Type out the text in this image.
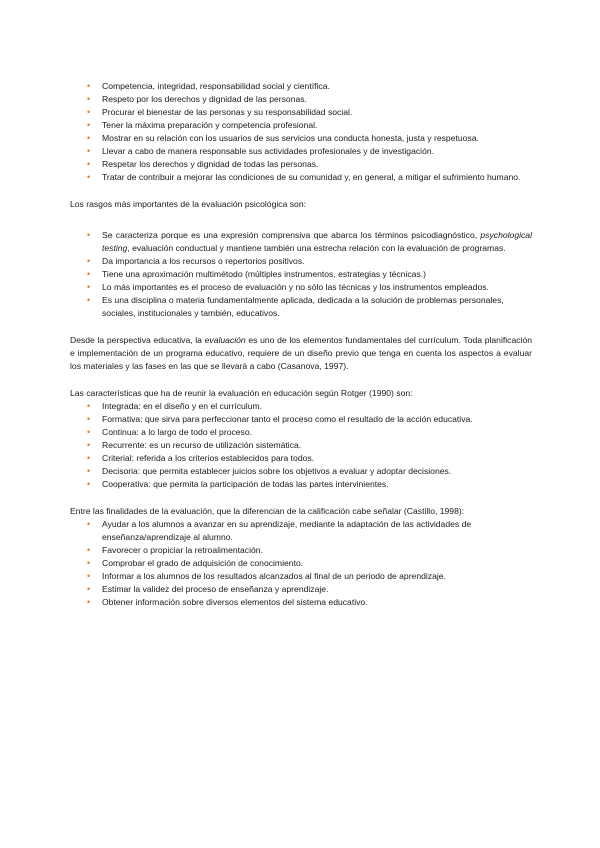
• Competencia, integridad, responsabilidad social y científica.
• Respeto por los derechos y dignidad de las personas.
• Procurar el bienestar de las personas y su responsabilidad social.
• Tener la máxima preparación y competencia profesional.
• Mostrar en su relación con los usuarios de sus servicios una conducta honesta, justa y respetuosa.
• Llevar a cabo de manera responsable sus actividades profesionales y de investigación.
• Respetar los derechos y dignidad de todas las personas.
• Tratar de contribuir a mejorar las condiciones de su comunidad y, en general, a mitigar el sufrimiento humano.

Los rasgos más importantes de la evaluación psicológica son:

• Se caracteriza porque es una expresión comprensiva que abarca los términos psicodiagnóstico, psychological testing, evaluación conductual y mantiene también una estrecha relación con la evaluación de programas.
• Da importancia a los recursos o repertorios positivos.
• Tiene una aproximación multimétodo (múltiples instrumentos, estrategias y técnicas.)
• Lo más importantes es el proceso de evaluación y no sólo las técnicas y los instrumentos empleados.
• Es una disciplina o materia fundamentalmente aplicada, dedicada a la solución de problemas personales, sociales, institucionales y también, educativos.

Desde la perspectiva educativa, la evaluación es uno de los elementos fundamentales del currículum. Toda planificación e implementación de un programa educativo, requiere de un diseño previo que tenga en cuenta los aspectos a evaluar los materiales y las fases en las que se llevará a cabo (Casanova, 1997).

Las características que ha de reunir la evaluación en educación según Rotger (1990) son:

• Integrada: en el diseño y en el currículum.
• Formativa: que sirva para perfeccionar tanto el proceso como el resultado de la acción educativa.
• Continua: a lo largo de todo el proceso.
• Recurrente: es un recurso de utilización sistemática.
• Criterial: referida a los criterios establecidos para todos.
• Decisoria: que permita establecer juicios sobre los objetivos a evaluar y adoptar decisiones.
• Cooperativa: que permita la participación de todas las partes intervinientes.

Entre las finalidades de la evaluación, que la diferencian de la calificación cabe señalar (Castillo, 1998):

• Ayudar a los alumnos a avanzar en su aprendizaje, mediante la adaptación de las actividades de enseñanza/aprendizaje al alumno.
• Favorecer o propiciar la retroalimentación.
• Comprobar el grado de adquisición de conocimiento.
• Informar a los alumnos de los resultados alcanzados al final de un periodo de aprendizaje.
• Estimar la validez del proceso de enseñanza y aprendizaje.
• Obtener información sobre diversos elementos del sistema educativo.
